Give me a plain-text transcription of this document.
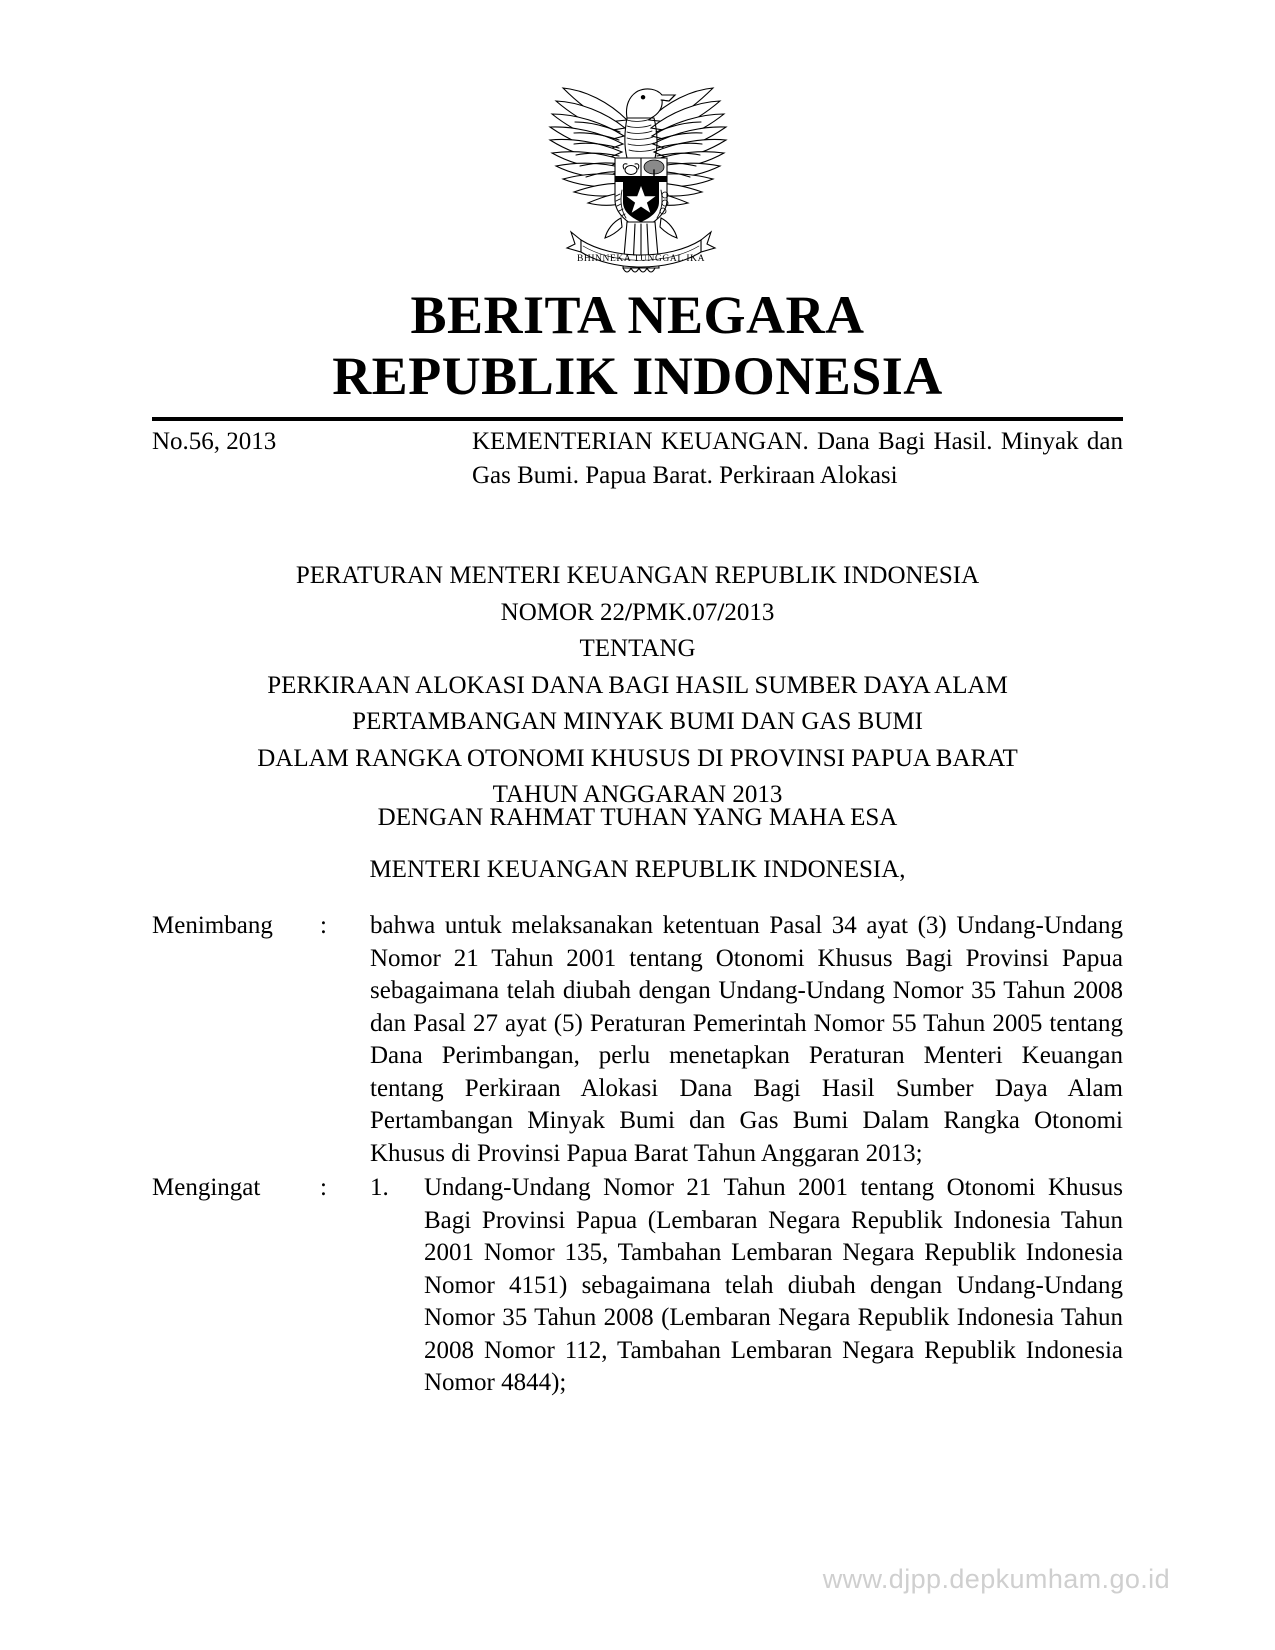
BHINNEKA TUNGGAL IKA
BERITA NEGARA
REPUBLIK INDONESIA
No.56, 2013	KEMENTERIAN KEUANGAN. Dana Bagi Hasil. Minyak dan Gas Bumi. Papua Barat. Perkiraan Alokasi
PERATURAN MENTERI KEUANGAN REPUBLIK INDONESIA
NOMOR 22/PMK.07/2013
TENTANG
PERKIRAAN ALOKASI DANA BAGI HASIL SUMBER DAYA ALAM
PERTAMBANGAN MINYAK BUMI DAN GAS BUMI
DALAM RANGKA OTONOMI KHUSUS DI PROVINSI PAPUA BARAT
TAHUN ANGGARAN 2013
DENGAN RAHMAT TUHAN YANG MAHA ESA
MENTERI KEUANGAN REPUBLIK INDONESIA,
Menimbang	:	bahwa untuk melaksanakan ketentuan Pasal 34 ayat (3) Undang-Undang Nomor 21 Tahun 2001 tentang Otonomi Khusus Bagi Provinsi Papua sebagaimana telah diubah dengan Undang-Undang Nomor 35 Tahun 2008 dan Pasal 27 ayat (5) Peraturan Pemerintah Nomor 55 Tahun 2005 tentang Dana Perimbangan, perlu menetapkan Peraturan Menteri Keuangan tentang Perkiraan Alokasi Dana Bagi Hasil Sumber Daya Alam Pertambangan Minyak Bumi dan Gas Bumi Dalam Rangka Otonomi Khusus di Provinsi Papua Barat Tahun Anggaran 2013;

Mengingat	:	1.	Undang-Undang Nomor 21 Tahun 2001 tentang Otonomi Khusus Bagi Provinsi Papua (Lembaran Negara Republik Indonesia Tahun 2001 Nomor 135, Tambahan Lembaran Negara Republik Indonesia Nomor 4151) sebagaimana telah diubah dengan Undang-Undang Nomor 35 Tahun 2008 (Lembaran Negara Republik Indonesia Tahun 2008 Nomor 112, Tambahan Lembaran Negara Republik Indonesia Nomor 4844);
www.djpp.depkumham.go.id
